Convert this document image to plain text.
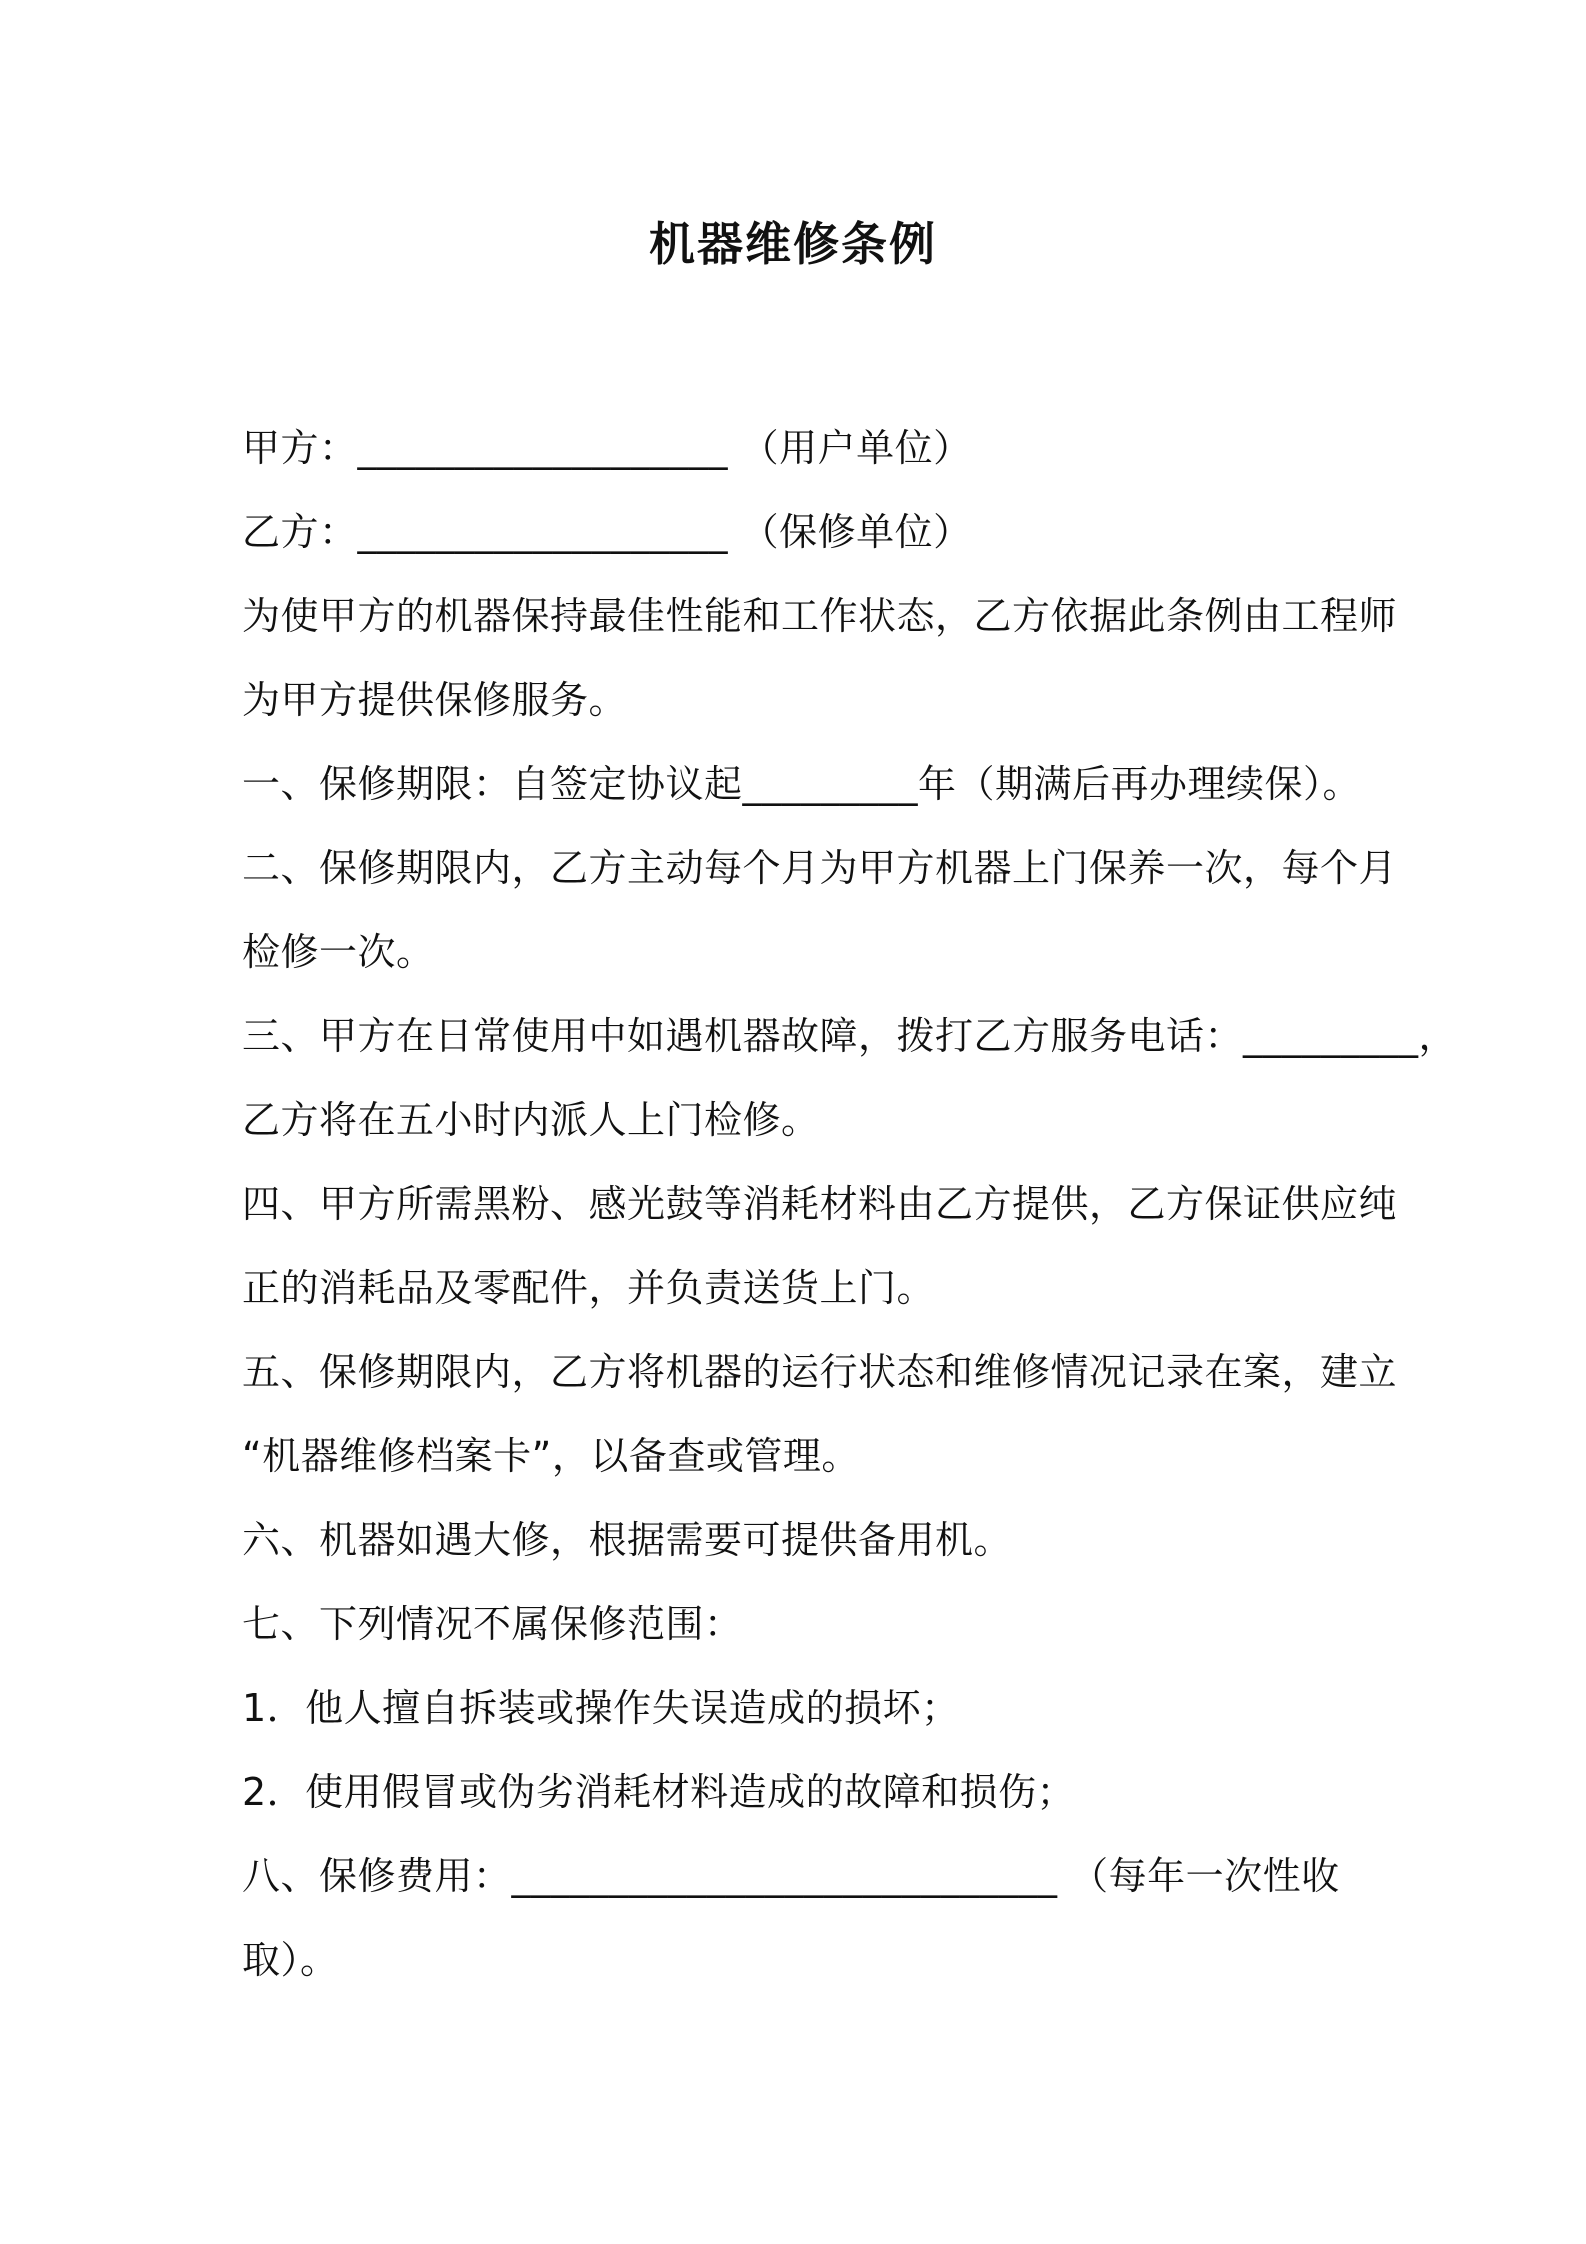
机器维修条例
甲方：___________________ （用户单位）
乙方：___________________ （保修单位）
为使甲方的机器保持最佳性能和工作状态，乙方依据此条例由工程师
为甲方提供保修服务。
一、保修期限：自签定协议起_________年（期满后再办理续保）。
二、保修期限内，乙方主动每个月为甲方机器上门保养一次，每个月
检修一次。
三、甲方在日常使用中如遇机器故障，拨打乙方服务电话：_________，
乙方将在五小时内派人上门检修。
四、甲方所需黑粉、感光鼓等消耗材料由乙方提供，乙方保证供应纯
正的消耗品及零配件，并负责送货上门。
五、保修期限内，乙方将机器的运行状态和维修情况记录在案，建立
“机器维修档案卡”，以备查或管理。
六、机器如遇大修，根据需要可提供备用机。
七、下列情况不属保修范围：
1．他人擅自拆装或操作失误造成的损坏；
2．使用假冒或伪劣消耗材料造成的故障和损伤；
八、保修费用：____________________________ （每年一次性收
取）。
